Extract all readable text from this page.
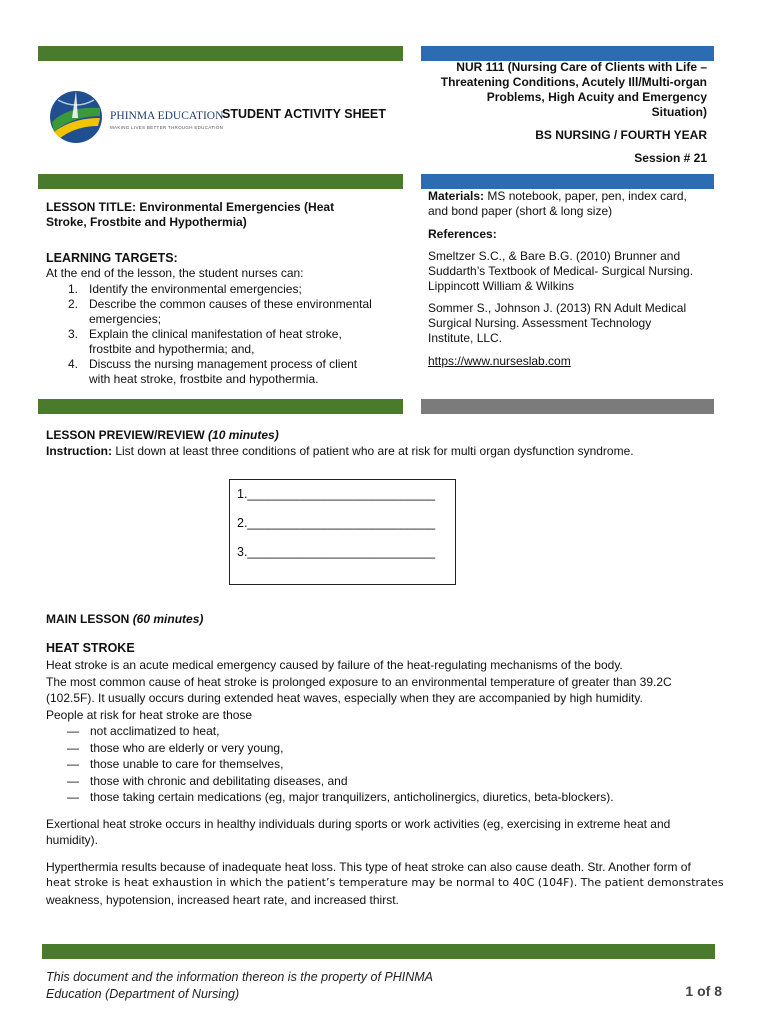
PHINMA EDUCATION
MAKING LIVES BETTER THROUGH EDUCATION
STUDENT ACTIVITY SHEET
NUR 111 (Nursing Care of Clients with Life –
Threatening Conditions, Acutely Ill/Multi-organ
Problems, High Acuity and Emergency
Situation)
BS NURSING / FOURTH YEAR
Session # 21
LESSON TITLE: Environmental Emergencies (Heat
Stroke, Frostbite and Hypothermia)
LEARNING TARGETS:
At the end of the lesson, the student nurses can:
1. Identify the environmental emergencies;
2. Describe the common causes of these environmental
emergencies;
3. Explain the clinical manifestation of heat stroke,
frostbite and hypothermia; and,
4. Discuss the nursing management process of client
with heat stroke, frostbite and hypothermia.
Materials: MS notebook, paper, pen, index card,
and bond paper (short & long size)
References:
Smeltzer S.C., & Bare B.G. (2010) Brunner and
Suddarth’s Textbook of Medical- Surgical Nursing.
Lippincott William & Wilkins
Sommer S., Johnson J. (2013) RN Adult Medical
Surgical Nursing. Assessment Technology
Institute, LLC.
https://www.nurseslab.com
LESSON PREVIEW/REVIEW (10 minutes)
Instruction: List down at least three conditions of patient who are at risk for multi organ dysfunction syndrome.
1.___________________________
2.___________________________
3.___________________________
MAIN LESSON (60 minutes)
HEAT STROKE
Heat stroke is an acute medical emergency caused by failure of the heat-regulating mechanisms of the body.
The most common cause of heat stroke is prolonged exposure to an environmental temperature of greater than 39.2C
(102.5F). It usually occurs during extended heat waves, especially when they are accompanied by high humidity.
People at risk for heat stroke are those
— not acclimatized to heat,
— those who are elderly or very young,
— those unable to care for themselves,
— those with chronic and debilitating diseases, and
— those taking certain medications (eg, major tranquilizers, anticholinergics, diuretics, beta-blockers).
Exertional heat stroke occurs in healthy individuals during sports or work activities (eg, exercising in extreme heat and
humidity).
Hyperthermia results because of inadequate heat loss. This type of heat stroke can also cause death. Str. Another form of
heat stroke is heat exhaustion in which the patient’s temperature may be normal to 40C (104F). The patient demonstrates
weakness, hypotension, increased heart rate, and increased thirst.
This document and the information thereon is the property of PHINMA
Education (Department of Nursing)	1 of 8
